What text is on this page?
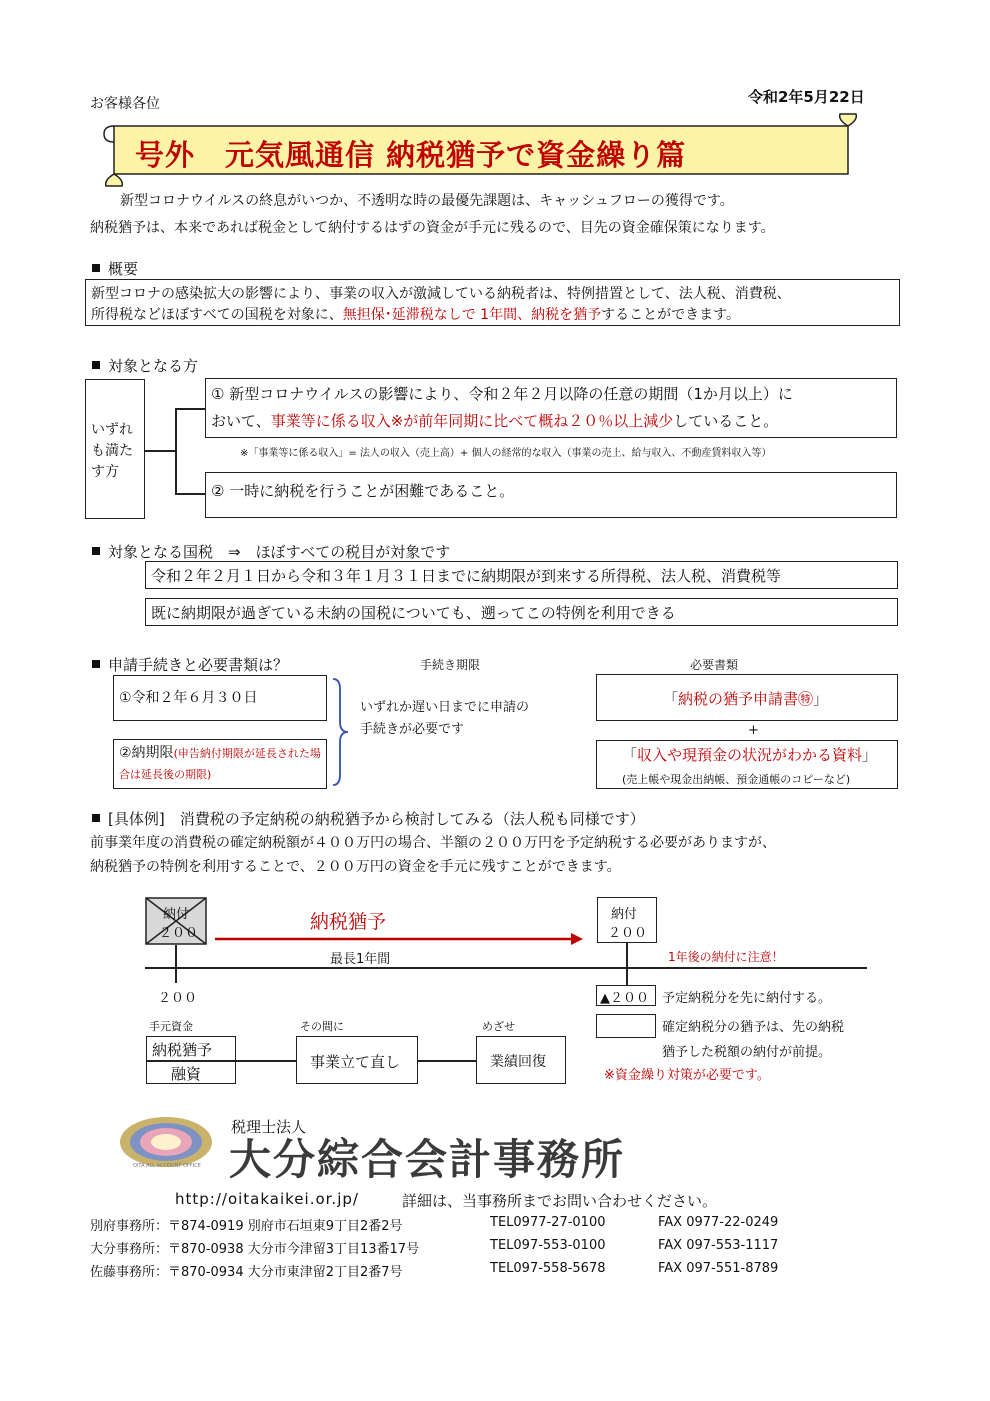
お客様各位	令和2年5月22日
号外　元気風通信 納税猶予で資金繰り篇
新型コロナウイルスの終息がいつか、不透明な時の最優先課題は、キャッシュフローの獲得です。
納税猶予は、本来であれば税金として納付するはずの資金が手元に残るので、目先の資金確保策になります。
概要
新型コロナの感染拡大の影響により、事業の収入が激減している納税者は、特例措置として、法人税、消費税、
所得税などほぼすべての国税を対象に、無担保･延滞税なしで 1年間、納税を猶予することができます。
対象となる方
いずれも満たす方
① 新型コロナウイルスの影響により、令和２年２月以降の任意の期間（1か月以上）に
おいて、事業等に係る収入※が前年同期に比べて概ね２０％以上減少していること。
※「事業等に係る収入」= 法人の収入（売上高）+ 個人の経常的な収入（事業の売上、給与収入、不動産賃料収入等）
② 一時に納税を行うことが困難であること。
対象となる国税　⇒　ほぼすべての税目が対象です
令和２年２月１日から令和３年１月３１日までに納期限が到来する所得税、法人税、消費税等
既に納期限が過ぎている未納の国税についても、遡ってこの特例を利用できる
申請手続きと必要書類は？	手続き期限	必要書類
①令和２年６月３０日
②納期限(申告納付期限が延長された場合は延長後の期限)
いずれか遅い日までに申請の手続きが必要です
「納税の猶予申請書㊕」
+
「収入や現預金の状況がわかる資料」
(売上帳や現金出納帳、預金通帳のコピーなど)
[具体例]　消費税の予定納税の納税猶予から検討してみる（法人税も同様です）
前事業年度の消費税の確定納税額が４００万円の場合、半額の２００万円を予定納税する必要がありますが、
納税猶予の特例を利用することで、２００万円の資金を手元に残すことができます。
納付
２００
納税猶予
最長1年間
納付
２００
1年後の納付に注意！
２００	▲２００ 予定納税分を先に納付する。
確定納税分の猶予は、先の納税
猶予した税額の納付が前提。
※資金繰り対策が必要です。
手元資金	その間に	めざせ
納税猶予
融資
事業立て直し	業績回復
OITA ALL ACCOUNT OFFICE
税理士法人
大分綜合会計事務所
http://oitakaikei.or.jp/	詳細は、当事務所までお問い合わせください。
別府事務所：〒874-0919 別府市石垣東9丁目2番2号	TEL0977-27-0100	FAX 0977-22-0249
大分事務所：〒870-0938 大分市今津留3丁目13番17号	TEL097-553-0100	FAX 097-553-1117
佐藤事務所：〒870-0934 大分市東津留2丁目2番7号	TEL097-558-5678	FAX 097-551-8789
